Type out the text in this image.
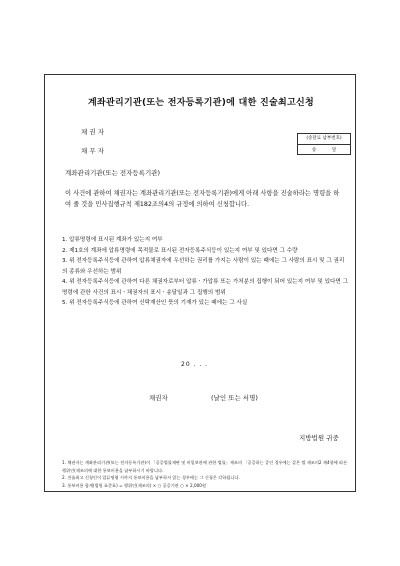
계좌관리기관(또는 전자등록기관)에 대한 진술최고신청
채 권 자
채 무 자
(송달료 납부번호)
송	달
계좌관리기관(또는 전자등록기관)
이 사건에 관하여 채권자는 계좌관리기관(또는 전자등록기관)에게 아래 사항을 진술하라는 명령을 하여 줄 것을 민사집행규칙 제182조의4의 규정에 의하여 신청합니다.

1. 압류명령에 표시된 계좌가 있는지 여부

2. 제1호의 계좌에 압류명령에 목적물로 표시된 전자등록주식등이 있는지 여부 및 있다면 그 수량

3. 위 전자등록주식등에 관하여 압류채권자에 우선하는 권리를 가지는 사람이 있는 때에는 그 사람의 표시 및 그 권리의 종류와 우선하는 범위

4. 위 전자등록주식등에 관하여 다른 채권자로부터 압류ㆍ가압류 또는 가처분의 집행이 되어 있는지 여부 및 있다면 그 명령에 관한 사건의 표시ㆍ채권자의 표시ㆍ송달일과 그 집행의 범위

5. 위 전자등록주식등에 관하여 신탁재산인 뜻의 기재가 있는 때에는 그 사실

20 . . .
채권자	(날인 또는 서명)
지방법원 귀중
1. 채권자는 계좌관리기관(또는 전자등록기관)이 「공증법률재판 및 비밀보관에 관한 법률」제조의 「공증하는 증인 경우에는 같은 법 제조의2 제4항에 따른 행위인(제조의에 대한 통보비용을 납부하시기 바랍니다.
2. 진술최고 신청인이 압류명령 시까지 통보비용을 납부하지 않는 경우에는 그 신청은 각하됩니다.
3. 통보비용 합계(법원 표준표) = 행위인(제조의) × ○ 공증기관 ○ × 2,000원
